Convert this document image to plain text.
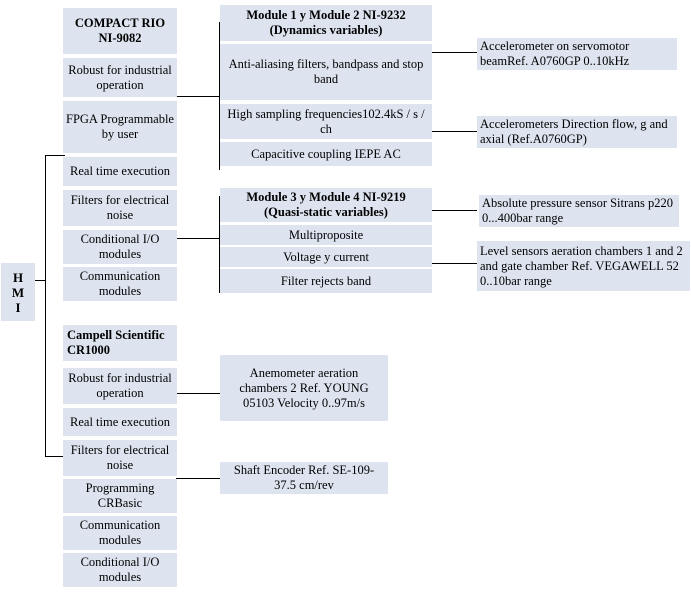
H
M
I
COMPACT RIO
NI-9082
Robust for industrial operation
FPGA Programmable by user
Real time execution
Filters for electrical noise
Conditional I/O modules
Communication modules
Module 1 y Module 2 NI-9232
(Dynamics variables)
Anti-aliasing filters, bandpass and stop band
High sampling frequencies102.4kS / s / ch
Capacitive coupling IEPE AC
Module 3 y Module 4 NI-9219
(Quasi-static variables)
Multiproposite
Voltage y current
Filter rejects band
Accelerometer on servomotor beamRef. A0760GP 0..10kHz
Accelerometers Direction flow, g and axial (Ref.A0760GP)
Absolute pressure sensor Sitrans p220 0...400bar range
Level sensors aeration chambers 1 and 2 and gate chamber Ref. VEGAWELL 52 0..10bar range
Campell Scientific CR1000
Robust for industrial operation
Real time execution
Filters for electrical noise
Programming CRBasic
Communication modules
Conditional I/O modules
Anemometer aeration chambers 2 Ref. YOUNG 05103 Velocity 0..97m/s
Shaft Encoder Ref. SE-109-37.5 cm/rev
